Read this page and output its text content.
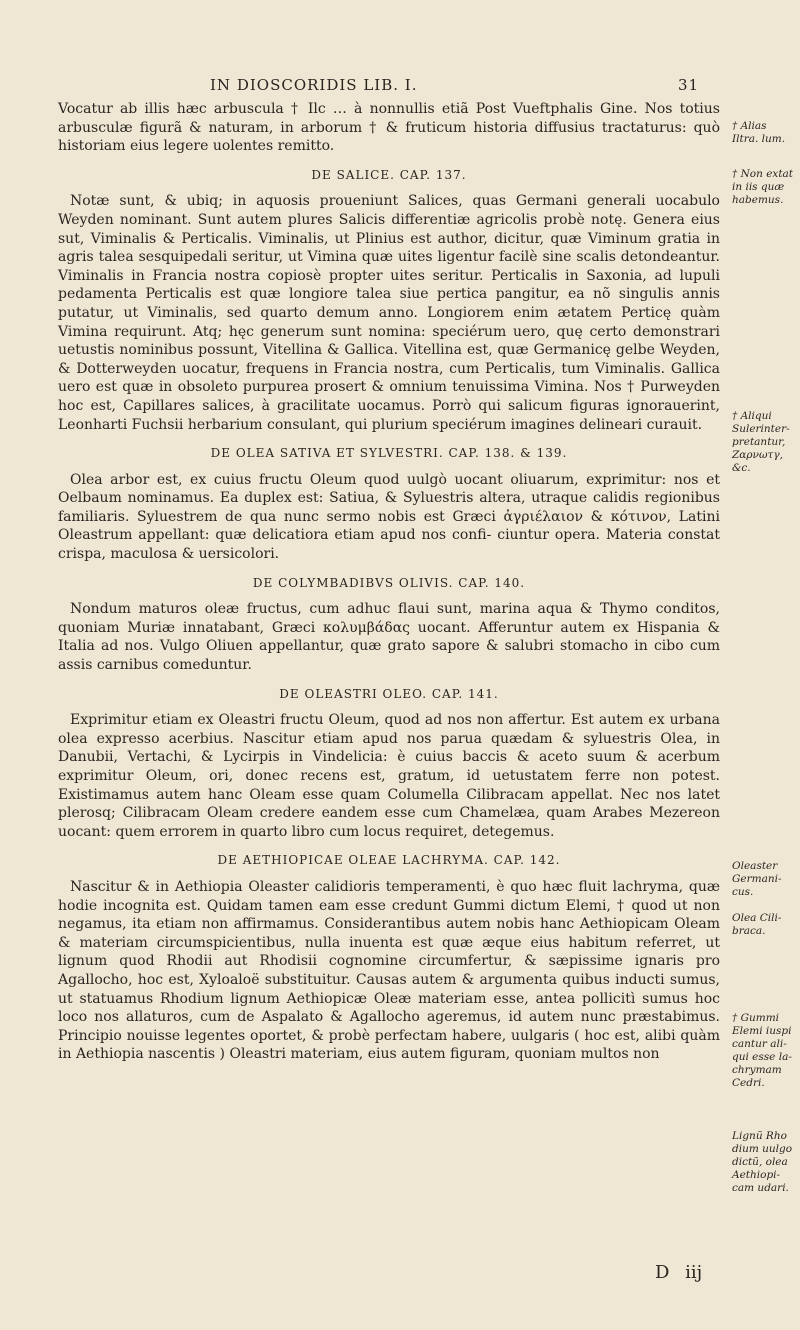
IN DIOSCORIDIS LIB. I.	31

Vocatur ab illis hæc arbuscula † Ilc … à nonnullis etiã Post Vueftphalis Gine. Nos totius arbusculæ figurã & naturam, in arborum † & fruticum historia diffusius tractaturus: quò historiam eius legere uolentes remitto.

DE SALICE. CAP. 137.

Notæ sunt, & ubiq; in aquosis proueniunt Salices, quas Germani generali uocabulo Weyden nominant. Sunt autem plures Salicis differentiæ agricolis probè notę. Genera eius sut, Viminalis & Perticalis. Viminalis, ut Plinius est author, dicitur, quæ Viminum gratia in agris talea sesquipedali seritur, ut Vimina quæ uites ligentur facilè sine scalis detondeantur. Viminalis in Francia nostra copiosè propter uites seritur. Perticalis in Saxonia, ad lupuli pedamenta Perticalis est quæ longiore talea siue pertica pangitur, ea nõ singulis annis putatur, ut Viminalis, sed quarto demum anno. Longiorem enim ætatem Perticę quàm Vimina requirunt. Atq; hęc generum sunt nomina: speciérum uero, quę certo demonstrari uetustis nominibus possunt, Vitellina & Gallica. Vitellina est, quæ Germanicę gelbe Weyden, & Dotterweyden uocatur, frequens in Francia nostra, cum Perticalis, tum Viminalis. Gallica uero est quæ in obsoleto purpurea prosert & omnium tenuissima Vimina. Nos † Purweyden hoc est, Capillares salices, à gracilitate uocamus. Porrò qui salicum figuras ignorauerint, Leonharti Fuchsii herbarium consulant, qui plurium speciérum imagines delineari curauit.

DE OLEA SATIVA ET SYLVESTRI. CAP. 138. & 139.

Olea arbor est, ex cuius fructu Oleum quod uulgò uocant oliuarum, exprimitur: nos et Oelbaum nominamus. Ea duplex est: Satiua, & Syluestris altera, utraque calidis regionibus familiaris. Syluestrem de qua nunc sermo nobis est Græci ἀγριέλαιον & κότινον, Latini Oleastrum appellant: quæ delicatiora etiam apud nos confi- ciuntur opera. Materia constat crispa, maculosa & uersicolori.

DE COLYMBADIBVS OLIVIS. CAP. 140.

Nondum maturos oleæ fructus, cum adhuc flaui sunt, marina aqua & Thymo conditos, quoniam Muriæ innatabant, Græci κολυμβάδας uocant. Afferuntur autem ex Hispania & Italia ad nos. Vulgo Oliuen appellantur, quæ grato sapore & salubri stomacho in cibo cum assis carnibus comeduntur.

DE OLEASTRI OLEO. CAP. 141.

Exprimitur etiam ex Oleastri fructu Oleum, quod ad nos non affertur. Est autem ex urbana olea expresso acerbius. Nascitur etiam apud nos parua quædam & syluestris Olea, in Danubii, Vertachi, & Lycirpis in Vindelicia: è cuius baccis & aceto suum & acerbum exprimitur Oleum, ori, donec recens est, gratum, id uetustatem ferre non potest. Existimamus autem hanc Oleam esse quam Columella Cilibracam appellat. Nec nos latet plerosq; Cilibracam Oleam credere eandem esse cum Chamelæa, quam Arabes Mezereon uocant: quem errorem in quarto libro cum locus requiret, detegemus.

DE AETHIOPICAE OLEAE LACHRYMA. CAP. 142.

Nascitur & in Aethiopia Oleaster calidioris temperamenti, è quo hæc fluit lachryma, quæ hodie incognita est. Quidam tamen eam esse credunt Gummi dictum Elemi, † quod ut non negamus, ita etiam non affirmamus. Considerantibus autem nobis hanc Aethiopicam Oleam & materiam circumspicientibus, nulla inuenta est quæ æque eius habitum referret, ut lignum quod Rhodii aut Rhodisii cognomine circumfertur, & sæpissime ignaris pro Agallocho, hoc est, Xyloaloë substituitur. Causas autem & argumenta quibus inducti sumus, ut statuamus Rhodium lignum Aethiopicæ Oleæ materiam esse, antea pollicitì sumus hoc loco nos allaturos, cum de Aspalato & Agallocho ageremus, id autem nunc præstabimus. Principio nouisse legentes oportet, & probè perfectam habere, uulgaris ( hoc est, alibi quàm in Aethiopia nascentis ) Oleastri materiam, eius autem figuram, quoniam multos non

† Alias Iltra. lum.
† Non extat in iis quæ habemus.
† Aliqui Sulerinter- pretantur, Ζαρνωτγ, &c.
Oleaster Germani- cus.
Olea Cili- braca.
† Gummi Elemi iuspi cantur ali- qui esse la- chrymam Cedri.
Lignũ Rho dium uulgo dictũ, olea Aethiopi- cam udari.
D iij
